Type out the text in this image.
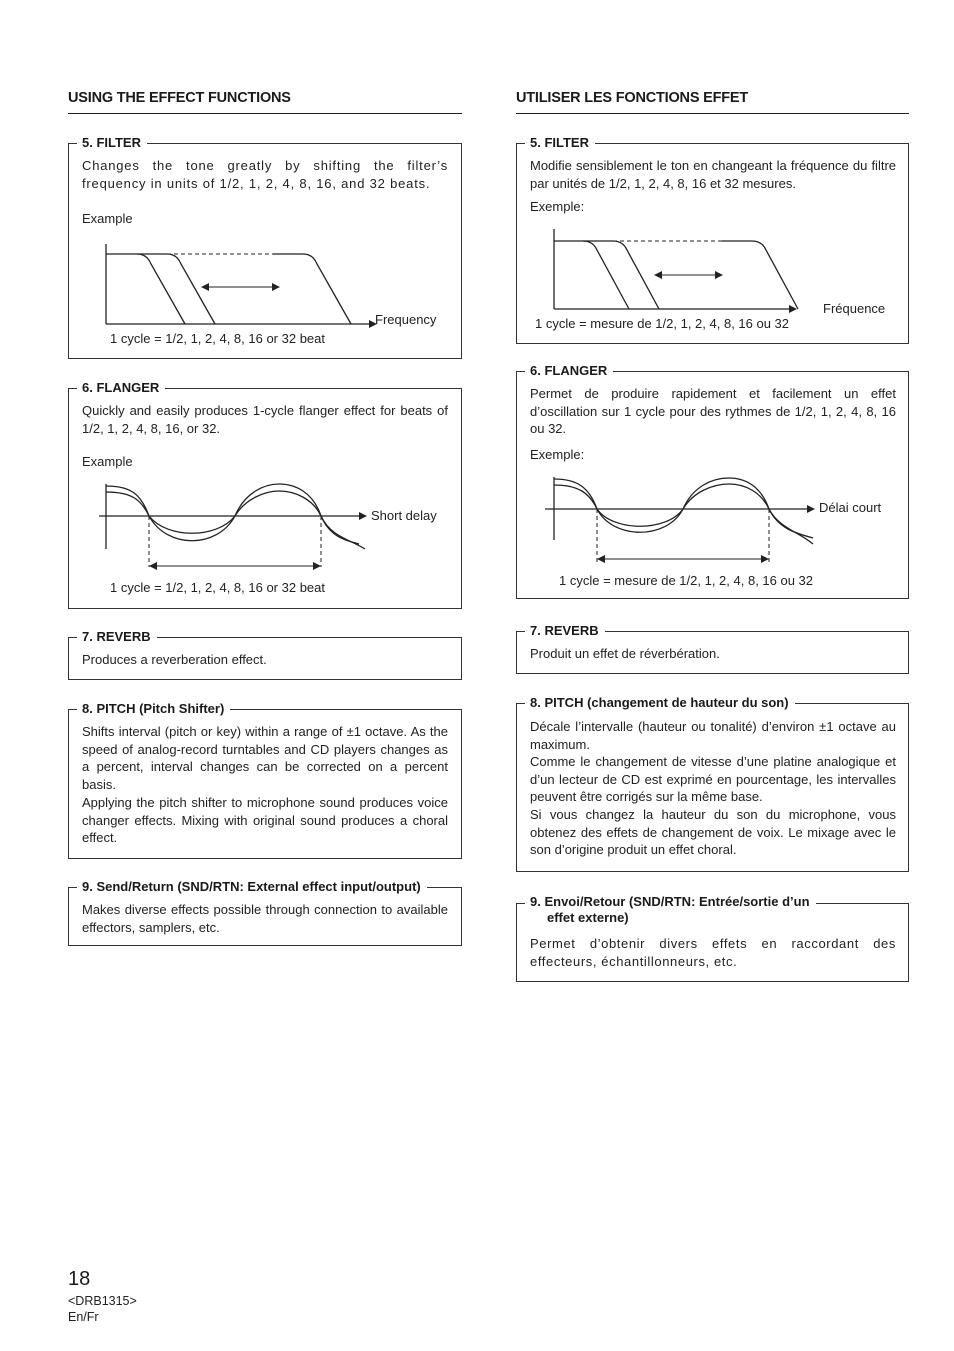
USING THE EFFECT FUNCTIONS
5. FILTER
Changes the tone greatly by shifting the filter’s frequency in units of 1/2, 1, 2, 4, 8, 16, and 32 beats.
Example
Frequency
1 cycle = 1/2, 1, 2, 4, 8, 16 or 32 beat
6. FLANGER
Quickly and easily produces 1-cycle flanger effect for beats of 1/2, 1, 2, 4, 8, 16, or 32.
Example
Short delay
1 cycle = 1/2, 1, 2, 4, 8, 16 or 32 beat
7. REVERB
Produces a reverberation effect.
8. PITCH (Pitch Shifter)
Shifts interval (pitch or key) within a range of ±1 octave. As the speed of analog-record turntables and CD players changes as a percent, interval changes can be corrected on a percent basis.
Applying the pitch shifter to microphone sound produces voice changer effects. Mixing with original sound produces a choral effect.
9. Send/Return (SND/RTN: External effect input/output)
Makes diverse effects possible through connection to available effectors, samplers, etc.
UTILISER LES FONCTIONS EFFET
5. FILTER
Modifie sensiblement le ton en changeant la fréquence du filtre par unités de 1/2, 1, 2, 4, 8, 16 et 32 mesures.
Exemple:
Fréquence
1 cycle = mesure de 1/2, 1, 2, 4, 8, 16 ou 32
6. FLANGER
Permet de produire rapidement et facilement un effet d’oscillation sur 1 cycle pour des rythmes de 1/2, 1, 2, 4, 8, 16 ou 32.
Exemple:
Délai court
1 cycle = mesure de 1/2, 1, 2, 4, 8, 16 ou 32
7. REVERB
Produit un effet de réverbération.
8. PITCH (changement de hauteur du son)
Décale l’intervalle (hauteur ou tonalité) d’environ ±1 octave au maximum.
Comme le changement de vitesse d’une platine analogique et d’un lecteur de CD est exprimé en pourcentage, les intervalles peuvent être corrigés sur la même base.
Si vous changez la hauteur du son du microphone, vous obtenez des effets de changement de voix. Le mixage avec le son d’origine produit un effet choral.
9. Envoi/Retour (SND/RTN: Entrée/sortie d’un
effet externe)
Permet d’obtenir divers effets en raccordant des effecteurs, échantillonneurs, etc.
18
<DRB1315>
En/Fr
